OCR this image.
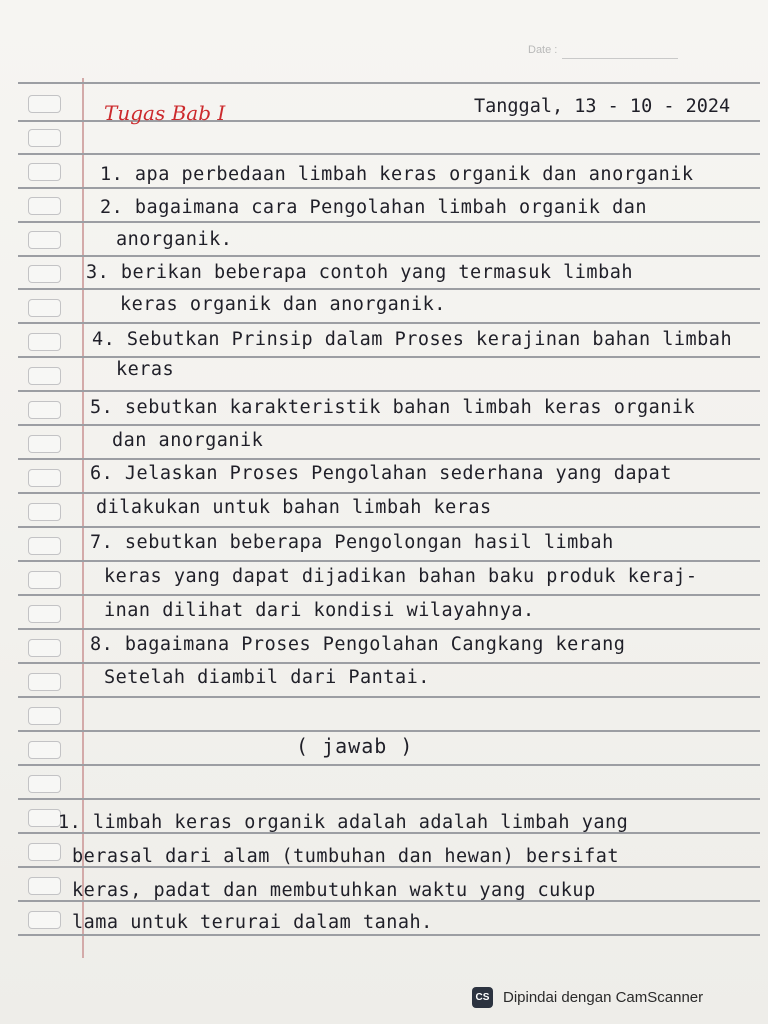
Date :
Tugas Bab I	Tanggal, 13 - 10 - 2024
1. apa perbedaan limbah keras organik dan anorganik
2. bagaimana cara Pengolahan limbah organik dan
anorganik.
3. berikan beberapa contoh yang termasuk limbah
keras organik dan anorganik.
4. Sebutkan Prinsip dalam Proses kerajinan bahan limbah
keras
5. sebutkan karakteristik bahan limbah keras organik
dan anorganik
6. Jelaskan Proses Pengolahan sederhana yang dapat
dilakukan untuk bahan limbah keras
7. sebutkan beberapa Pengolongan hasil limbah
keras yang dapat dijadikan bahan baku produk keraj-
inan dilihat dari kondisi wilayahnya.
8. bagaimana Proses Pengolahan Cangkang kerang
Setelah diambil dari Pantai.
( jawab )
1. limbah keras organik adalah adalah limbah yang
berasal dari alam (tumbuhan dan hewan) bersifat
keras, padat dan membutuhkan waktu yang cukup
lama untuk terurai dalam tanah.
CS Dipindai dengan CamScanner
